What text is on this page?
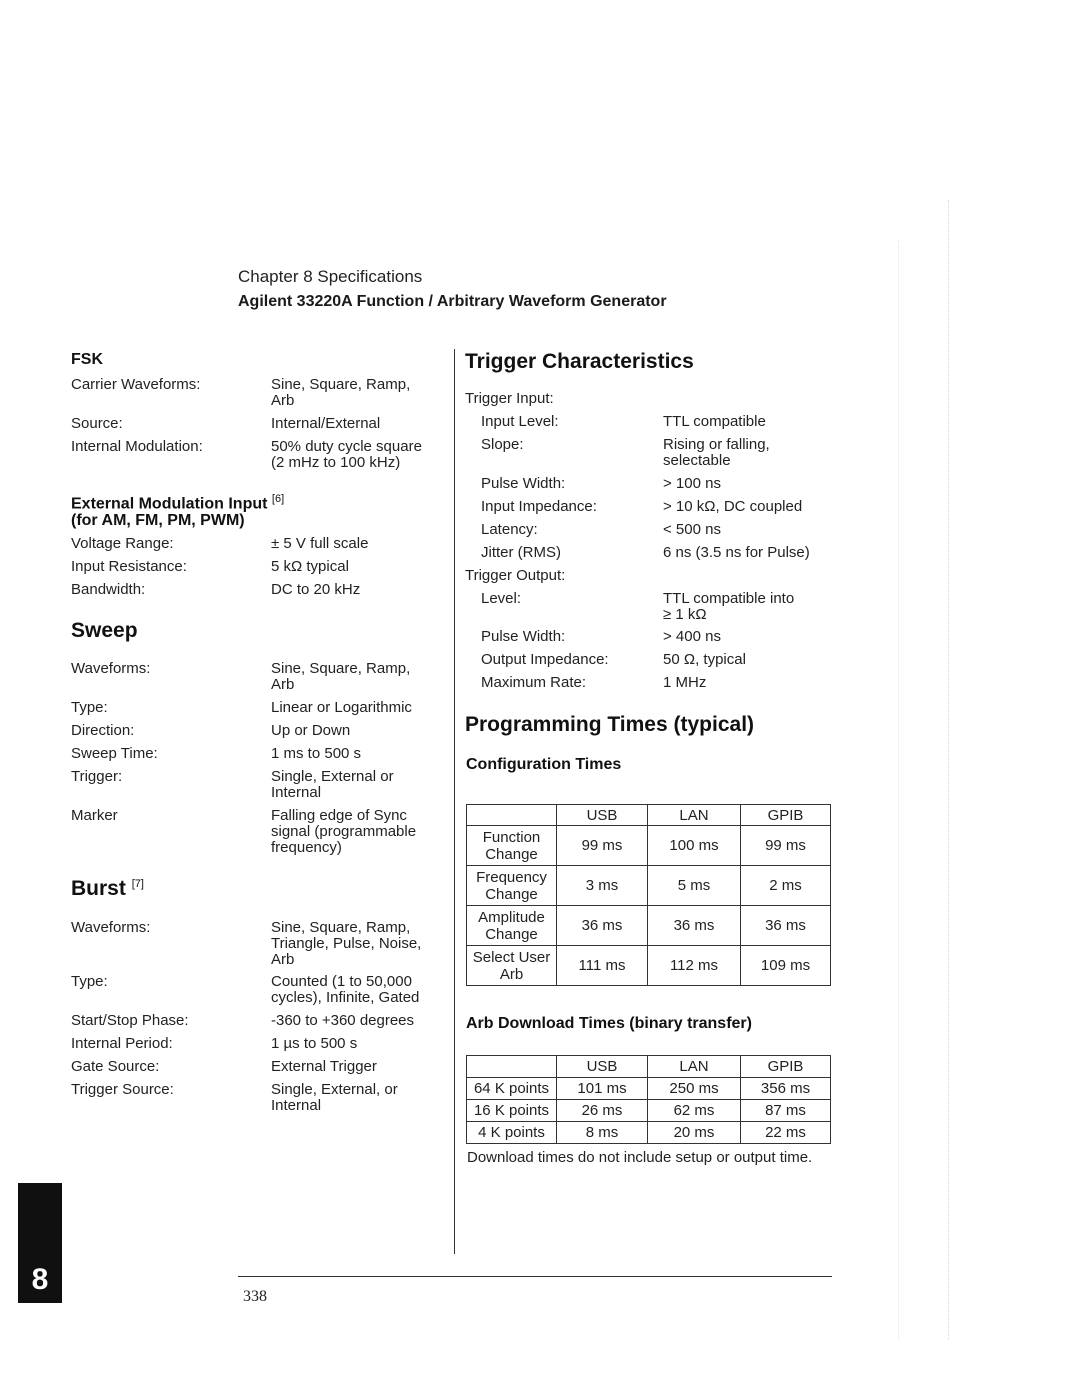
Chapter 8 Specifications
Agilent 33220A Function / Arbitrary Waveform Generator
FSK
Carrier Waveforms:	Sine, Square, Ramp,
Arb
Source:	Internal/External
Internal Modulation:	50% duty cycle square
(2 mHz to 100 kHz)
External Modulation Input [6]
(for AM, FM, PM, PWM)
Voltage Range:	± 5 V full scale
Input Resistance:	5 kΩ typical
Bandwidth:	DC to 20 kHz
Sweep
Waveforms:	Sine, Square, Ramp,
Arb
Type:	Linear or Logarithmic
Direction:	Up or Down
Sweep Time:	1 ms to 500 s
Trigger:	Single, External or
Internal
Marker	Falling edge of Sync
signal (programmable
frequency)
Burst [7]
Waveforms:	Sine, Square, Ramp,
Triangle, Pulse, Noise,
Arb
Type:	Counted (1 to 50,000
cycles), Infinite, Gated
Start/Stop Phase:	-360 to +360 degrees
Internal Period:	1 µs to 500 s
Gate Source:	External Trigger
Trigger Source:	Single, External, or
Internal
Trigger Characteristics
Trigger Input:
Input Level:	TTL compatible
Slope:	Rising or falling,
selectable
Pulse Width:	> 100 ns
Input Impedance:	> 10 kΩ, DC coupled
Latency:	< 500 ns
Jitter (RMS)	6 ns (3.5 ns for Pulse)
Trigger Output:
Level:	TTL compatible into
≥ 1 kΩ
Pulse Width:	> 400 ns
Output Impedance:	50 Ω, typical
Maximum Rate:	1 MHz
Programming Times (typical)
Configuration Times
	USB	LAN	GPIB
Function
Change	99 ms	100 ms	99 ms
Frequency
Change	3 ms	5 ms	2 ms
Amplitude
Change	36 ms	36 ms	36 ms
Select User
Arb	111 ms	112 ms	109 ms
Arb Download Times (binary transfer)
	USB	LAN	GPIB
64 K points	101 ms	250 ms	356 ms
16 K points	26 ms	62 ms	87 ms
4 K points	8 ms	20 ms	22 ms
Download times do not include setup or output time.
338
8
